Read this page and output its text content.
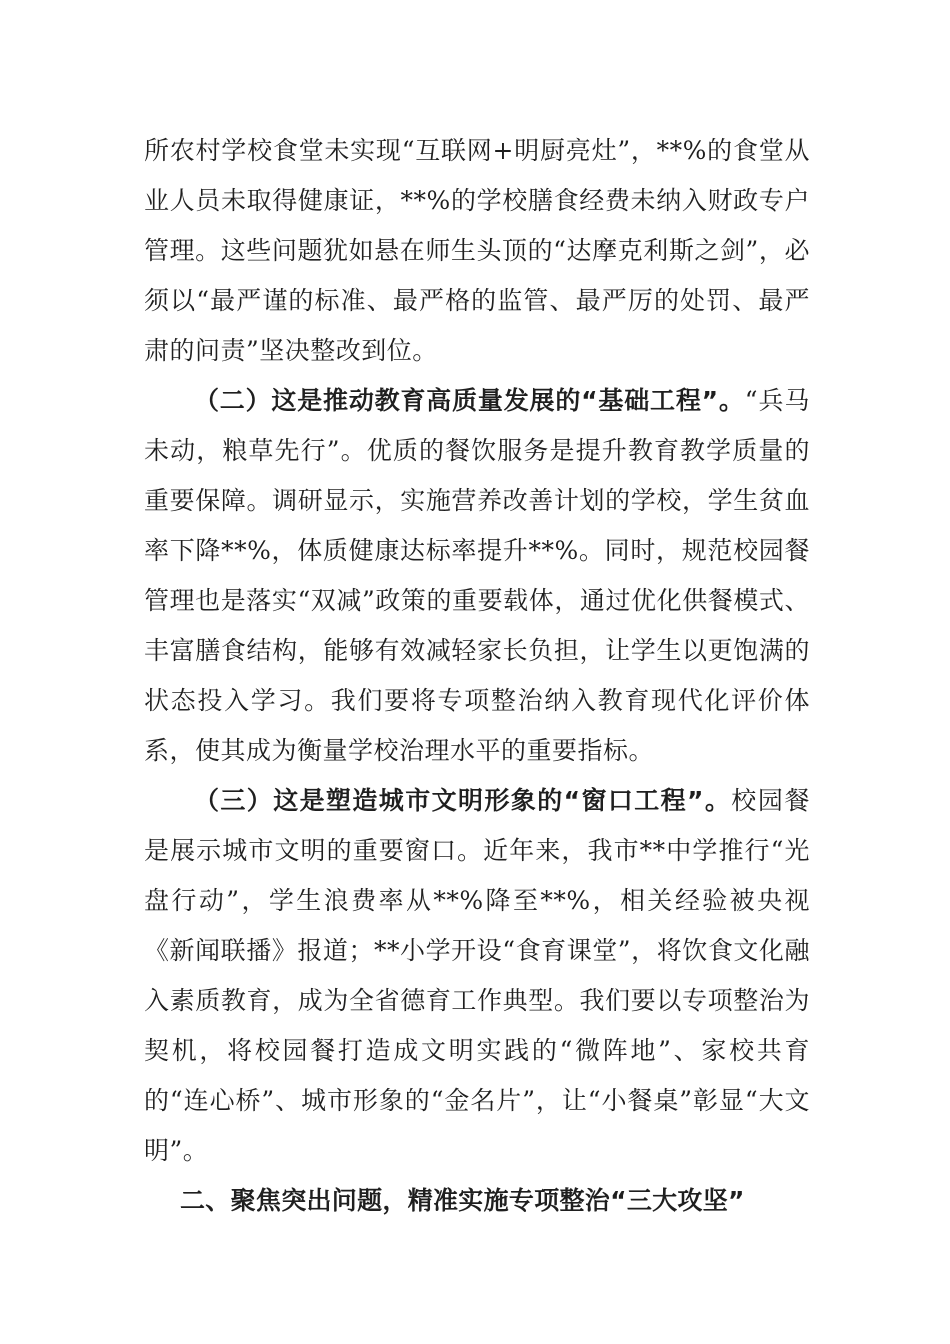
所农村学校食堂未实现“互联网+明厨亮灶”，**%的食堂从业人员未取得健康证，**%的学校膳食经费未纳入财政专户管理。这些问题犹如悬在师生头顶的“达摩克利斯之剑”，必须以“最严谨的标准、最严格的监管、最严厉的处罚、最严肃的问责”坚决整改到位。

（二）这是推动教育高质量发展的“基础工程”。“兵马未动，粮草先行”。优质的餐饮服务是提升教育教学质量的重要保障。调研显示，实施营养改善计划的学校，学生贫血率下降**%，体质健康达标率提升**%。同时，规范校园餐管理也是落实“双减”政策的重要载体，通过优化供餐模式、丰富膳食结构，能够有效减轻家长负担，让学生以更饱满的状态投入学习。我们要将专项整治纳入教育现代化评价体系，使其成为衡量学校治理水平的重要指标。

（三）这是塑造城市文明形象的“窗口工程”。校园餐是展示城市文明的重要窗口。近年来，我市**中学推行“光盘行动”，学生浪费率从**%降至**%，相关经验被央视《新闻联播》报道；**小学开设“食育课堂”，将饮食文化融入素质教育，成为全省德育工作典型。我们要以专项整治为契机，将校园餐打造成文明实践的“微阵地”、家校共育的“连心桥”、城市形象的“金名片”，让“小餐桌”彰显“大文明”。

二、聚焦突出问题，精准实施专项整治“三大攻坚”
